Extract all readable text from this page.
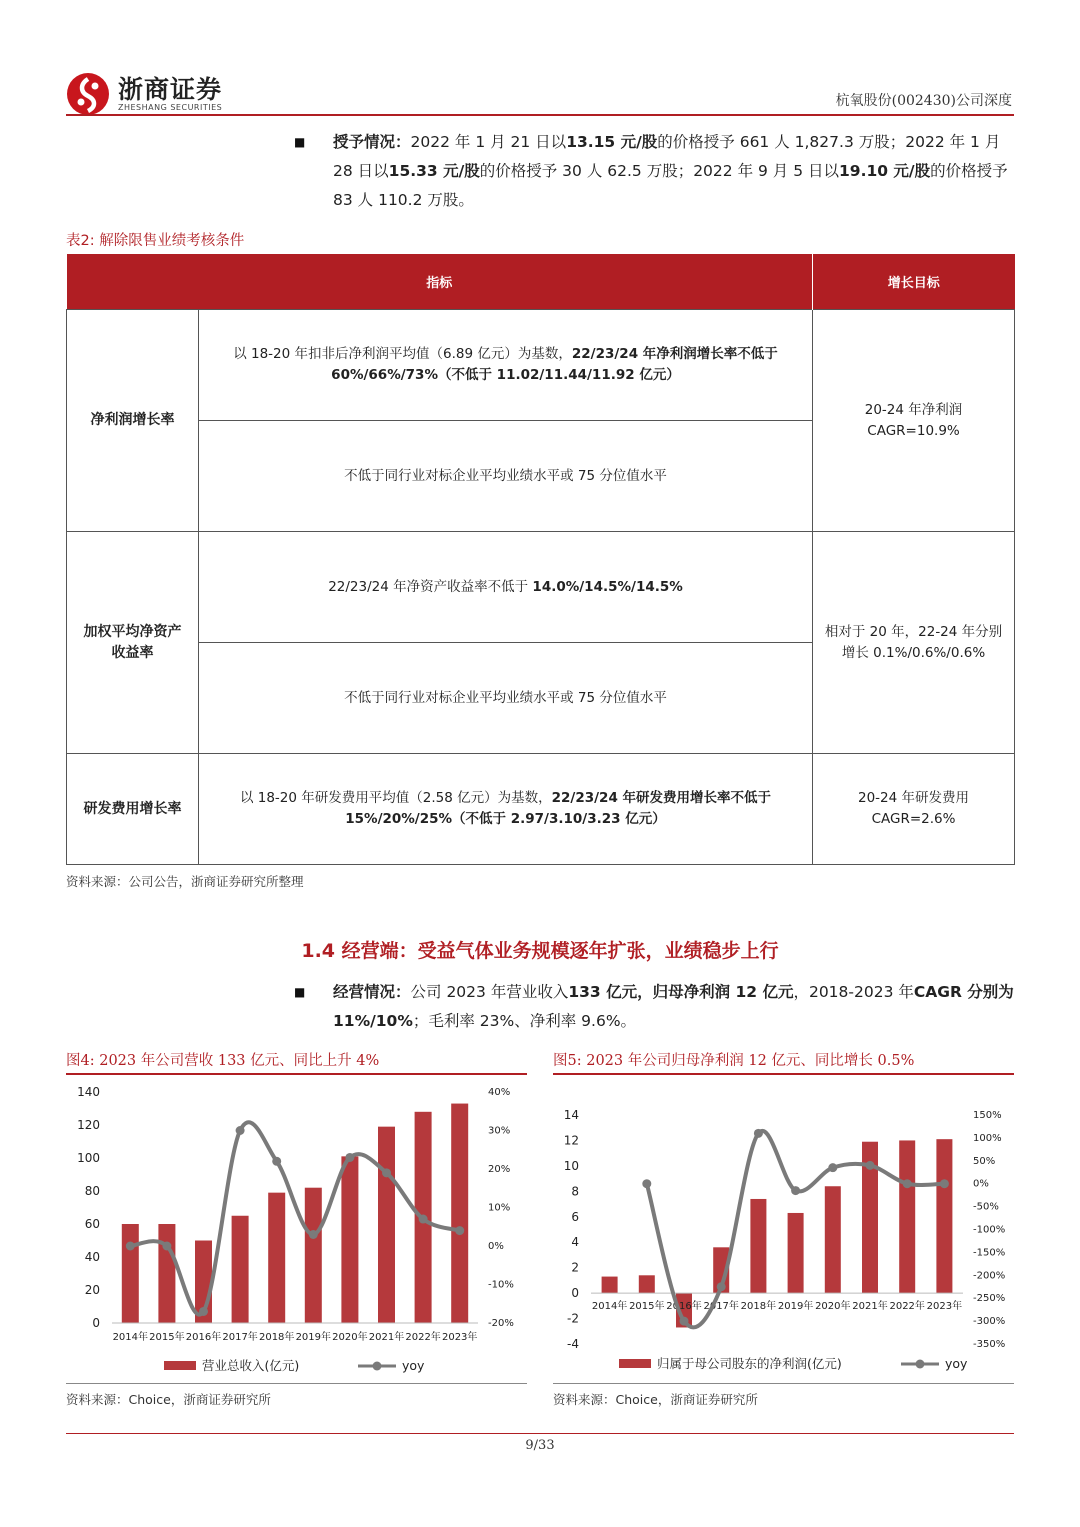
浙商证券
ZHESHANG SECURITIES	杭氧股份(002430)公司深度
■ 授予情况：2022 年 1 月 21 日以13.15 元/股的价格授予 661 人 1,827.3 万股；2022 年 1 月 28 日以15.33 元/股的价格授予 30 人 62.5 万股；2022 年 9 月 5 日以19.10 元/股的价格授予 83 人 110.2 万股。
表2: 解除限售业绩考核条件
指标		增长目标
净利润增长率	以 18-20 年扣非后净利润平均值（6.89 亿元）为基数，22/23/24 年净利润增长率不低于 60%/66%/73%（不低于 11.02/11.44/11.92 亿元）	20-24 年净利润 CAGR=10.9%
	不低于同行业对标企业平均业绩水平或 75 分位值水平	
加权平均净资产收益率	22/23/24 年净资产收益率不低于 14.0%/14.5%/14.5%	相对于 20 年，22-24 年分别增长 0.1%/0.6%/0.6%
	不低于同行业对标企业平均业绩水平或 75 分位值水平	
研发费用增长率	以 18-20 年研发费用平均值（2.58 亿元）为基数，22/23/24 年研发费用增长率不低于 15%/20%/25%（不低于 2.97/3.10/3.23 亿元）	20-24 年研发费用 CAGR=2.6%
资料来源：公司公告，浙商证券研究所整理
1.4 经营端：受益气体业务规模逐年扩张，业绩稳步上行
■ 经营情况：公司 2023 年营业收入133 亿元，归母净利润 12 亿元，2018-2023 年CAGR 分别为 11%/10%；毛利率 23%、净利率 9.6%。
图4: 2023 年公司营收 133 亿元、同比上升 4%
0
20
40
60
80
100
120
140
-20%
-10%
0%
10%
20%
30%
40%
2014年 2015年 2016年 2017年 2018年 2019年 2020年 2021年 2022年 2023年
营业总收入(亿元)	yoy
资料来源：Choice，浙商证券研究所
图5: 2023 年公司归母净利润 12 亿元、同比增长 0.5%
-4
-2
0
2
4
6
8
10
12
14
-350%
-300%
-250%
-200%
-150%
-100%
-50%
0%
50%
100%
150%
2014年 2015年 2016年 2017年 2018年 2019年 2020年 2021年 2022年 2023年
归属于母公司股东的净利润(亿元)	yoy
资料来源：Choice，浙商证券研究所
9/33
